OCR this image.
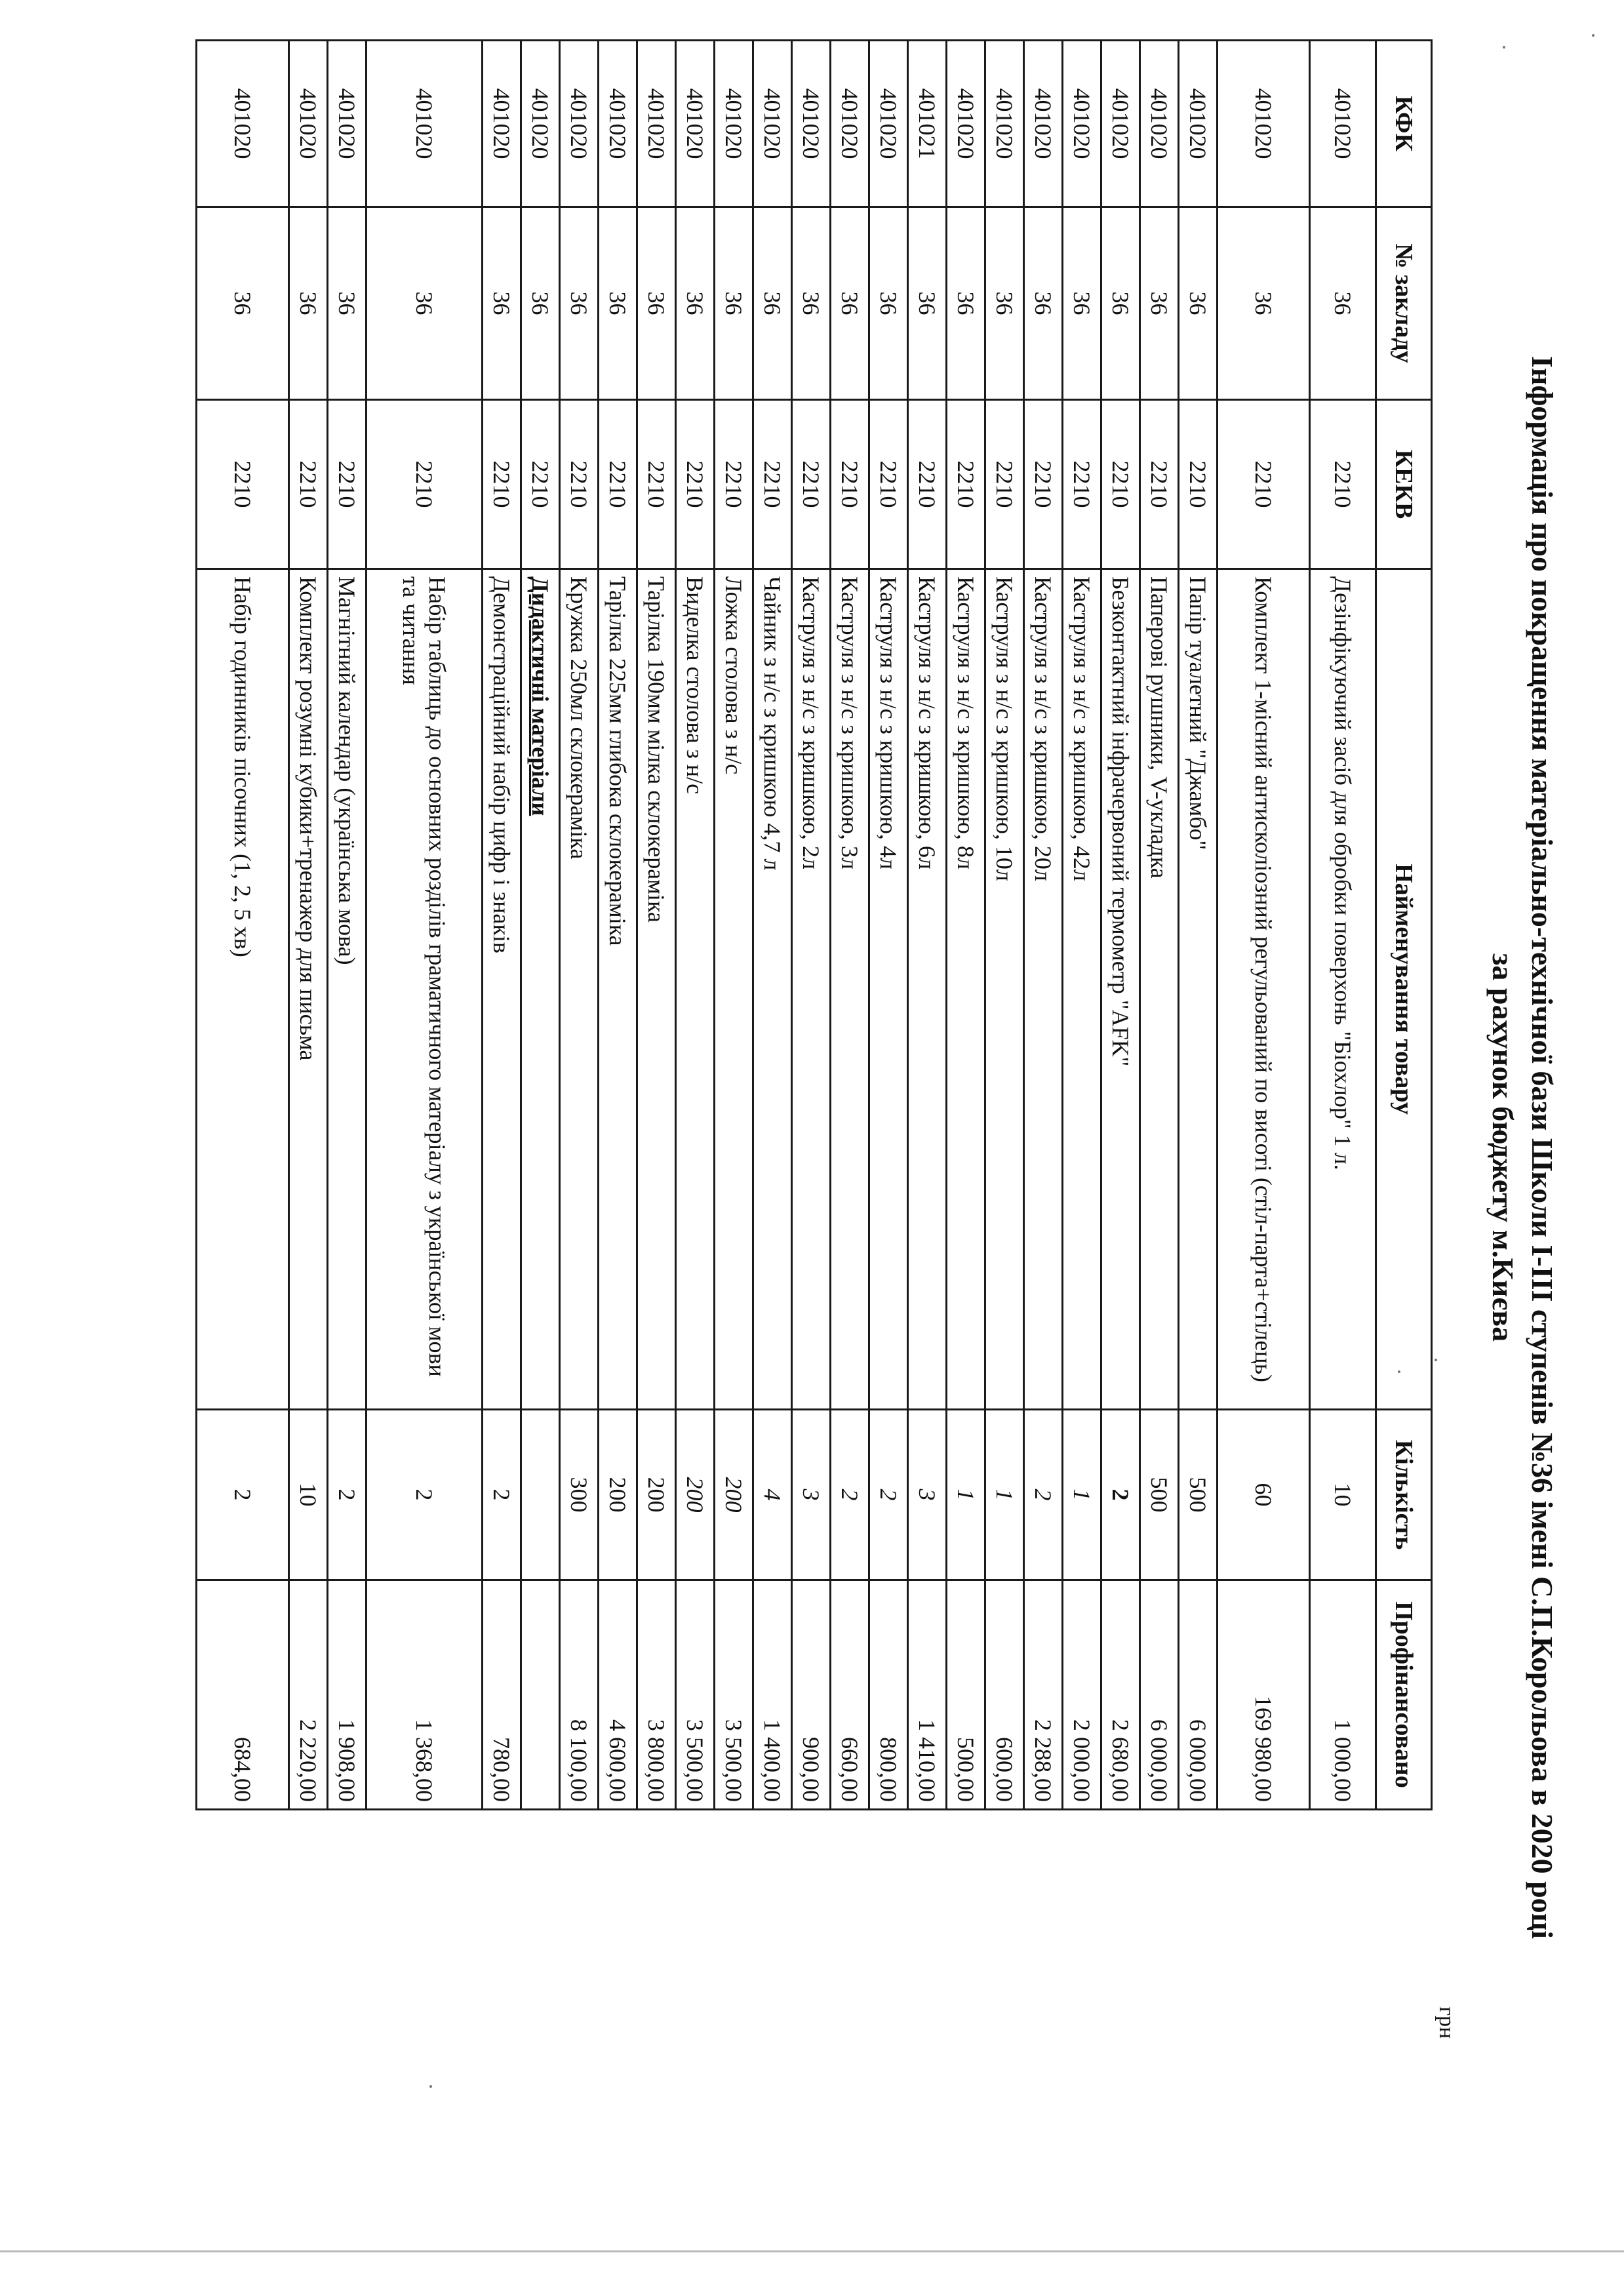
Інформація про покращення матеріально-технічної бази Школи І-ІІІ ступенів №36 імені С.П.Корольова в 2020 році
за рахунок бюджету м.Києва
грн
КФК	№ закладу	КЕКВ	Найменування товару	Кількість	Профінансовано
401020	36	2210	Дезінфікуючий засіб для обробки поверхонь "Біохлор" 1 л.	10	1 000,00
401020	36	2210	Комплект 1-місний антисколіозний регульований по висоті (стіл-парта+стілець)	60	169 980,00
401020	36	2210	Папір туалетний "Джамбо"	500	6 000,00
401020	36	2210	Паперові рушники, V-укладка	500	6 000,00
401020	36	2210	Безконтактний інфрачервоний термометр "AFK"	2	2 680,00
401020	36	2210	Каструля з н/с з кришкою, 42л	1	2 000,00
401020	36	2210	Каструля з н/с з кришкою, 20л	2	2 288,00
401020	36	2210	Каструля з н/с з кришкою, 10л	1	600,00
401020	36	2210	Каструля з н/с з кришкою, 8л	1	500,00
401021	36	2210	Каструля з н/с з кришкою, 6л	3	1 410,00
401020	36	2210	Каструля з н/с з кришкою, 4л	2	800,00
401020	36	2210	Каструля з н/с з кришкою, 3л	2	660,00
401020	36	2210	Каструля з н/с з кришкою, 2л	3	900,00
401020	36	2210	Чайник з н/с з кришкою 4,7 л	4	1 400,00
401020	36	2210	Ложка столова з н/с	200	3 500,00
401020	36	2210	Виделка столова з н/с	200	3 500,00
401020	36	2210	Тарілка 190мм мілка склокераміка	200	3 800,00
401020	36	2210	Тарілка 225мм глибока склокераміка	200	4 600,00
401020	36	2210	Кружка 250мл склокераміка	300	8 100,00
401020	36	2210	Дидактичні матеріали		
401020	36	2210	Демонстраційний набір цифр і знаків	2	780,00
401020	36	2210	Набір таблиць до основних розділів граматичного матеріалу з української мови та читання	2	1 368,00
401020	36	2210	Магнітний календар (українська мова)	2	1 908,00
401020	36	2210	Комплект розумні кубики+тренажер для письма	10	2 220,00
401020	36	2210	Набір годинників пісочних (1, 2, 5 хв)	2	684,00
